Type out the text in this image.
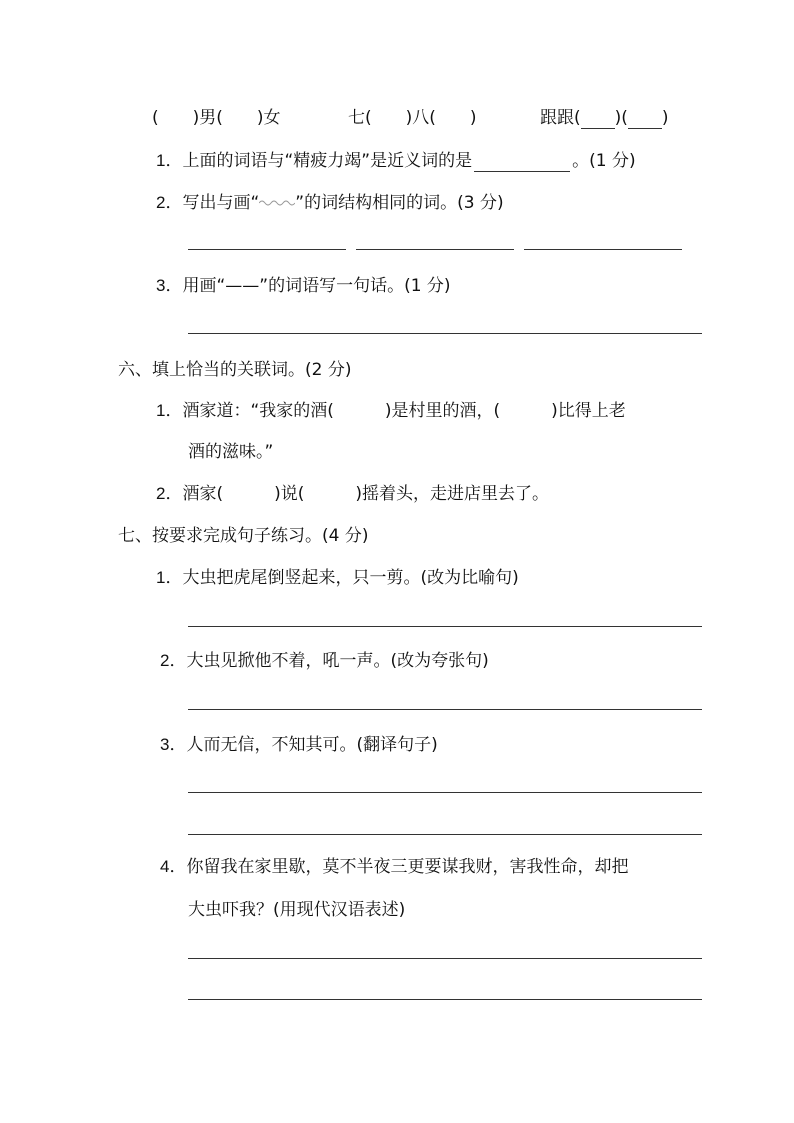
(　　)男(　　)女	七(　　)八(　　)	跟跟( )( )
1．上面的词语与“精疲力竭”是近义词的是	。(1 分)
2．写出与画“ ”的词结构相同的词。(3 分)
3．用画“——”的词语写一句话。(1 分)
六、填上恰当的关联词。(2 分)
1．酒家道：“我家的酒(　　　)是村里的酒，(　　　)比得上老
酒的滋味。”
2．酒家(　　　)说(　　　)摇着头，走进店里去了。
七、按要求完成句子练习。(4 分)
1．大虫把虎尾倒竖起来，只一剪。(改为比喻句)
2．大虫见掀他不着，吼一声。(改为夸张句)
3．人而无信，不知其可。(翻译句子)
4．你留我在家里歇，莫不半夜三更要谋我财，害我性命，却把
大虫吓我？(用现代汉语表述)
